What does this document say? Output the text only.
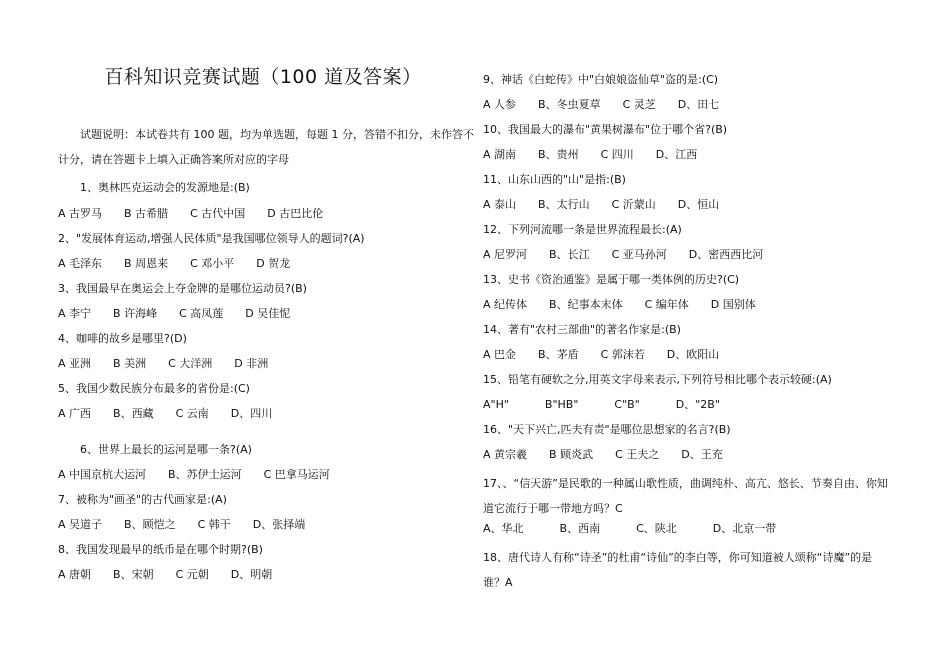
百科知识竞赛试题（100 道及答案）
试题说明：本试卷共有 100 题，均为单选题，每题 1 分，答错不扣分，未作答不计分，请在答题卡上填入正确答案所对应的字母
1、奥林匹克运动会的发源地是:(B)
A 古罗马 B 古希腊 C 古代中国 D 古巴比伦
2、"发展体育运动,增强人民体质"是我国哪位领导人的题词?(A)
A 毛泽东 B 周恩来 C 邓小平 D 贺龙
3、我国最早在奥运会上夺金牌的是哪位运动员?(B)
A 李宁 B 许海峰 C 高凤莲 D 吴佳怩
4、咖啡的故乡是哪里?(D)
A 亚洲 B 美洲 C 大洋洲 D 非洲
5、我国少数民族分布最多的省份是:(C)
A 广西 B、西藏 C 云南 D、四川
6、世界上最长的运河是哪一条?(A)
A 中国京杭大运河 B、苏伊士运河 C 巴拿马运河
7、被称为"画圣"的古代画家是:(A)
A 吴道子 B、顾恺之 C 韩干 D、张择端
8、我国发现最早的纸币是在哪个时期?(B)
A 唐朝 B、宋朝 C 元朝 D、明朝
9、神话《白蛇传》中"白娘娘盗仙草"盗的是:(C)
A 人参 B、冬虫夏草 C 灵芝 D、田七
10、我国最大的瀑布"黄果树瀑布"位于哪个省?(B)
A 湖南 B、贵州 C 四川 D、江西
11、山东山西的"山"是指:(B)
A 泰山 B、太行山 C 沂蒙山 D、恒山
12、下列河流哪一条是世界流程最长:(A)
A 尼罗河 B、长江 C 亚马孙河 D、密西西比河
13、史书《资治通鉴》是属于哪一类体例的历史?(C)
A 纪传体 B、纪事本末体 C 编年体 D 国别体
14、著有"农村三部曲"的著名作家是:(B)
A 巴金 B、茅盾 C 郭沫若 D、欧阳山
15、铅笔有硬软之分,用英文字母来表示,下列符号相比哪个表示较硬:(A)
A"H"	B"HB"	C"B"	D、"2B"
16、"天下兴亡,匹夫有责"是哪位思想家的名言?(B)
A 黄宗羲 B 顾炎武 C 王夫之 D、王充
17、、“信天游”是民歌的一种属山歌性质，曲调纯朴、高亢、悠长、节奏自由、你知道它流行于哪一带地方吗？C
A、华北	B、西南	C、陕北	D、北京一带
18、唐代诗人有称“诗圣”的杜甫“诗仙”的李白等，你可知道被人颂称“诗魔”的是谁？A
